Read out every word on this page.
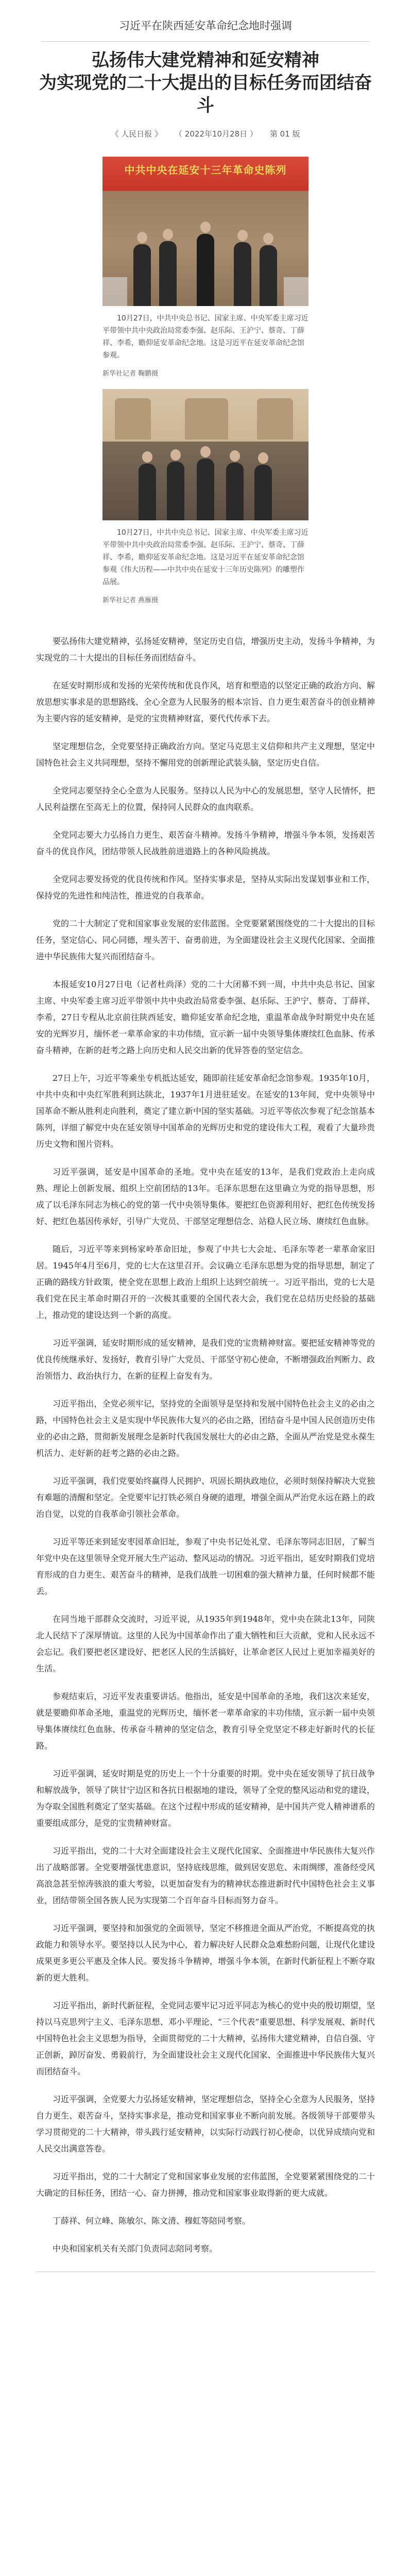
习近平在陕西延安革命纪念地时强调
弘扬伟大建党精神和延安精神
为实现党的二十大提出的目标任务而团结奋斗
《 人民日报 》 （ 2022年10月28日 ） 第 01 版
中共中央在延安十三年革命史陈列
10月27日，中共中央总书记、国家主席、中央军委主席习近平带领中共中央政治局常委李强、赵乐际、王沪宁、蔡奇、丁薛祥、李希，瞻仰延安革命纪念地。这是习近平在延安革命纪念馆参观。
新华社记者 鞠鹏摄
10月27日，中共中央总书记、国家主席、中央军委主席习近平带领中共中央政治局常委李强、赵乐际、王沪宁、蔡奇、丁薛祥、李希，瞻仰延安革命纪念地。这是习近平在延安革命纪念馆参观《伟大历程——中共中央在延安十三年历史陈列》的雕塑作品展。
新华社记者 燕雁摄

要弘扬伟大建党精神，弘扬延安精神，坚定历史自信，增强历史主动，发扬斗争精神，为实现党的二十大提出的目标任务而团结奋斗。

在延安时期形成和发扬的光荣传统和优良作风，培育和塑造的以坚定正确的政治方向、解放思想实事求是的思想路线、全心全意为人民服务的根本宗旨、自力更生艰苦奋斗的创业精神为主要内容的延安精神，是党的宝贵精神财富，要代代传承下去。

坚定理想信念，全党要坚持正确政治方向。坚定马克思主义信仰和共产主义理想，坚定中国特色社会主义共同理想，坚持不懈用党的创新理论武装头脑，坚定历史自信。

全党同志要坚持全心全意为人民服务。坚持以人民为中心的发展思想，坚守人民情怀，把人民利益摆在至高无上的位置，保持同人民群众的血肉联系。

全党同志要大力弘扬自力更生、艰苦奋斗精神。发扬斗争精神，增强斗争本领，发扬艰苦奋斗的优良作风，团结带领人民战胜前进道路上的各种风险挑战。

全党同志要发扬党的优良传统和作风。坚持实事求是，坚持从实际出发谋划事业和工作，保持党的先进性和纯洁性，推进党的自我革命。

党的二十大制定了党和国家事业发展的宏伟蓝图。全党要紧紧围绕党的二十大提出的目标任务，坚定信心、同心同德，埋头苦干、奋勇前进，为全面建设社会主义现代化国家、全面推进中华民族伟大复兴而团结奋斗。

本报延安10月27日电（记者杜尚泽）党的二十大闭幕不到一周，中共中央总书记、国家主席、中央军委主席习近平带领中共中央政治局常委李强、赵乐际、王沪宁、蔡奇、丁薛祥、李希，27日专程从北京前往陕西延安，瞻仰延安革命纪念地，重温革命战争时期党中央在延安的光辉岁月，缅怀老一辈革命家的丰功伟绩，宣示新一届中央领导集体赓续红色血脉、传承奋斗精神，在新的赶考之路上向历史和人民交出新的优异答卷的坚定信念。

27日上午，习近平等乘坐专机抵达延安，随即前往延安革命纪念馆参观。1935年10月，中共中央和中央红军胜利到达陕北，1937年1月进驻延安。在延安的13年间，党中央领导中国革命不断从胜利走向胜利，奠定了建立新中国的坚实基础。习近平等依次参观了纪念馆基本陈列，详细了解党中央在延安领导中国革命的光辉历史和党的建设伟大工程，观看了大量珍贵历史文物和图片资料。

习近平强调，延安是中国革命的圣地。党中央在延安的13年，是我们党政治上走向成熟、理论上创新发展、组织上空前团结的13年。毛泽东思想在这里确立为党的指导思想，形成了以毛泽东同志为核心的党的第一代中央领导集体。要把红色资源利用好、把红色传统发扬好、把红色基因传承好，引导广大党员、干部坚定理想信念、站稳人民立场、赓续红色血脉。

随后，习近平等来到杨家岭革命旧址，参观了中共七大会址、毛泽东等老一辈革命家旧居。1945年4月至6月，党的七大在这里召开。会议确立毛泽东思想为党的指导思想，制定了正确的路线方针政策，使全党在思想上政治上组织上达到空前统一。习近平指出，党的七大是我们党在民主革命时期召开的一次极其重要的全国代表大会，我们党在总结历史经验的基础上，推动党的建设达到一个新的高度。

习近平强调，延安时期形成的延安精神，是我们党的宝贵精神财富。要把延安精神等党的优良传统继承好、发扬好，教育引导广大党员、干部坚守初心使命，不断增强政治判断力、政治领悟力、政治执行力，在新的征程上奋发有为。

习近平指出，全党必须牢记，坚持党的全面领导是坚持和发展中国特色社会主义的必由之路，中国特色社会主义是实现中华民族伟大复兴的必由之路，团结奋斗是中国人民创造历史伟业的必由之路，贯彻新发展理念是新时代我国发展壮大的必由之路，全面从严治党是党永葆生机活力、走好新的赶考之路的必由之路。

习近平强调，我们党要始终赢得人民拥护、巩固长期执政地位，必须时刻保持解决大党独有难题的清醒和坚定。全党要牢记打铁必须自身硬的道理，增强全面从严治党永远在路上的政治自觉，以党的自我革命引领社会革命。

习近平等还来到延安枣园革命旧址，参观了中央书记处礼堂、毛泽东等同志旧居，了解当年党中央在这里领导全党开展大生产运动、整风运动的情况。习近平指出，延安时期我们党培育形成的自力更生、艰苦奋斗的精神，是我们战胜一切困难的强大精神力量，任何时候都不能丢。

在同当地干部群众交流时，习近平说，从1935年到1948年，党中央在陕北13年，同陕北人民结下了深厚情谊。这里的人民为中国革命作出了重大牺牲和巨大贡献，党和人民永远不会忘记。我们要把老区建设好、把老区人民的生活搞好，让革命老区人民过上更加幸福美好的生活。

参观结束后，习近平发表重要讲话。他指出，延安是中国革命的圣地，我们这次来延安，就是要瞻仰革命圣地，重温党的光辉历史，缅怀老一辈革命家的丰功伟绩，宣示新一届中央领导集体赓续红色血脉、传承奋斗精神的坚定信念，教育引导全党坚定不移走好新时代的长征路。

习近平强调，延安时期是党的历史上一个十分重要的时期。党中央在延安领导了抗日战争和解放战争，领导了陕甘宁边区和各抗日根据地的建设，领导了全党的整风运动和党的建设，为夺取全国胜利奠定了坚实基础。在这个过程中形成的延安精神，是中国共产党人精神谱系的重要组成部分，是党的宝贵精神财富。

习近平指出，党的二十大对全面建设社会主义现代化国家、全面推进中华民族伟大复兴作出了战略部署。全党要增强忧患意识，坚持底线思维，做到居安思危、未雨绸缪，准备经受风高浪急甚至惊涛骇浪的重大考验，以更加奋发有为的精神状态推进新时代中国特色社会主义事业，团结带领全国各族人民为实现第二个百年奋斗目标而努力奋斗。

习近平强调，要坚持和加强党的全面领导，坚定不移推进全面从严治党，不断提高党的执政能力和领导水平。要坚持以人民为中心，着力解决好人民群众急难愁盼问题，让现代化建设成果更多更公平惠及全体人民。要发扬斗争精神，增强斗争本领，在新时代新征程上不断夺取新的更大胜利。

习近平指出，新时代新征程，全党同志要牢记习近平同志为核心的党中央的殷切期望，坚持以马克思列宁主义、毛泽东思想、邓小平理论、“三个代表”重要思想、科学发展观、新时代中国特色社会主义思想为指导，全面贯彻党的二十大精神，弘扬伟大建党精神，自信自强、守正创新，踔厉奋发、勇毅前行，为全面建设社会主义现代化国家、全面推进中华民族伟大复兴而团结奋斗。

习近平强调，全党要大力弘扬延安精神，坚定理想信念，坚持全心全意为人民服务，坚持自力更生、艰苦奋斗，坚持实事求是，推动党和国家事业不断向前发展。各级领导干部要带头学习贯彻党的二十大精神，带头践行延安精神，以实际行动践行初心使命，以优异成绩向党和人民交出满意答卷。

习近平指出，党的二十大制定了党和国家事业发展的宏伟蓝图，全党要紧紧围绕党的二十大确定的目标任务，团结一心、奋力拼搏，推动党和国家事业取得新的更大成就。

丁薛祥、何立峰、陈敏尔、陈文清、穆虹等陪同考察。

中央和国家机关有关部门负责同志陪同考察。
